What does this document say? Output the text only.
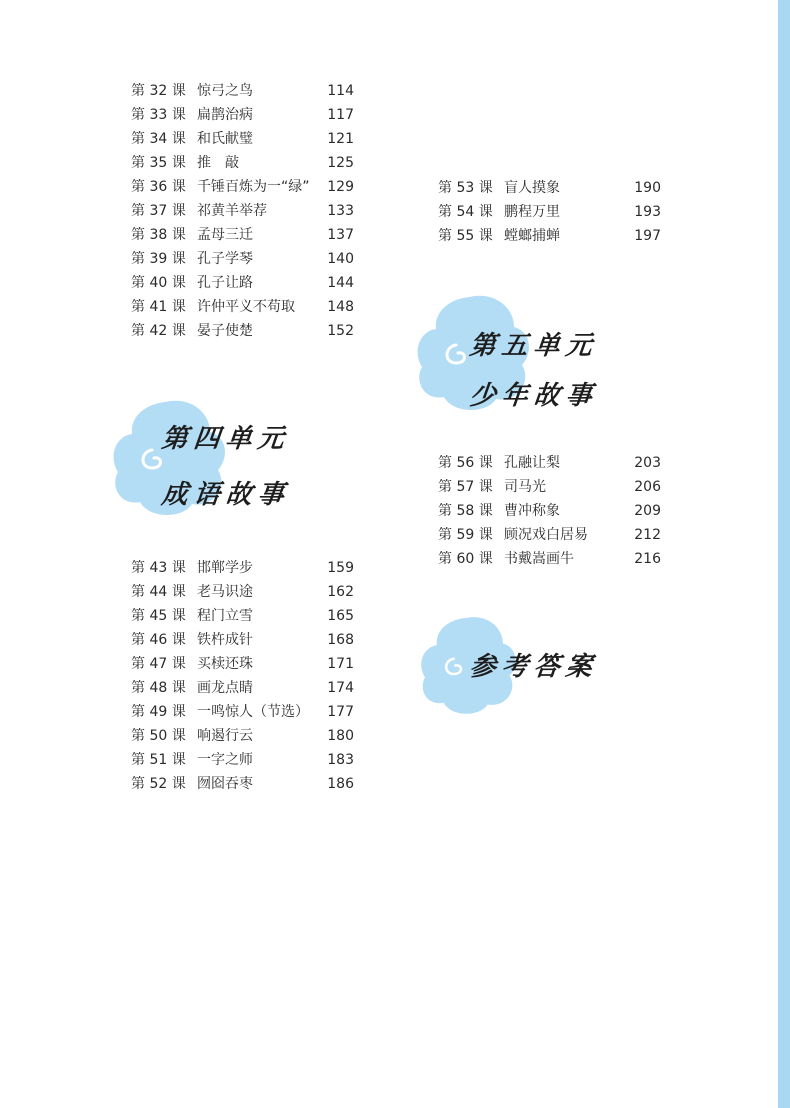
第 32 课 惊弓之鸟	114
第 33 课 扁鹊治病	117
第 34 课 和氏献璧	121
第 35 课 推　敲	125
第 36 课 千锤百炼为一“绿” 129
第 37 课 祁黄羊举荐	133
第 38 课 孟母三迁	137
第 39 课 孔子学琴	140
第 40 课 孔子让路	144
第 41 课 许仲平义不苟取 148
第 42 课 晏子使楚	152
第四单元
成语故事
第 43 课 邯郸学步	159
第 44 课 老马识途	162
第 45 课 程门立雪	165
第 46 课 铁杵成针	168
第 47 课 买椟还珠	171
第 48 课 画龙点睛	174
第 49 课 一鸣惊人（节选） 177
第 50 课 响遏行云	180
第 51 课 一字之师	183
第 52 课 囫囵吞枣	186
第 53 课 盲人摸象	190
第 54 课 鹏程万里	193
第 55 课 螳螂捕蝉	197
第五单元
少年故事
第 56 课 孔融让梨	203
第 57 课 司马光	206
第 58 课 曹冲称象	209
第 59 课 顾况戏白居易	212
第 60 课 书戴嵩画牛	216
参考答案
